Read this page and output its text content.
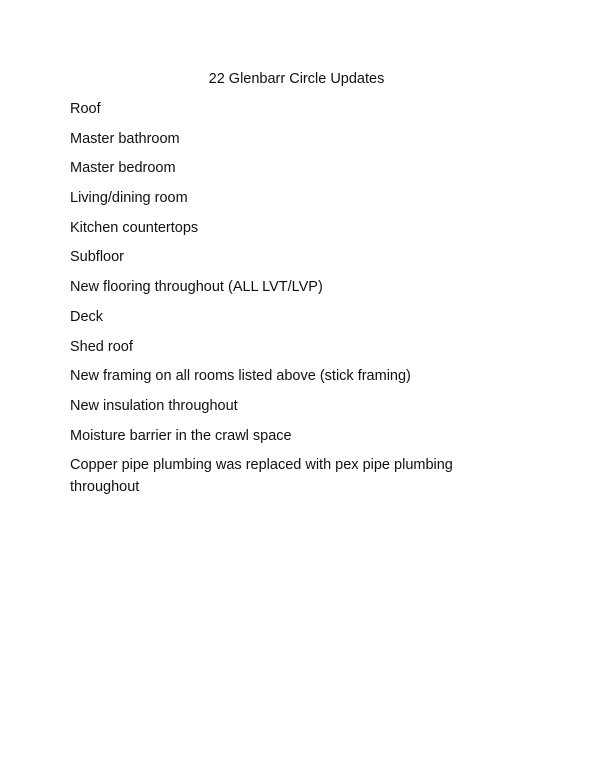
22 Glenbarr Circle Updates
Roof
Master bathroom
Master bedroom
Living/dining room
Kitchen countertops
Subfloor
New flooring throughout (ALL LVT/LVP)
Deck
Shed roof
New framing on all rooms listed above (stick framing)
New insulation throughout
Moisture barrier in the crawl space
Copper pipe plumbing was replaced with pex pipe plumbing throughout
